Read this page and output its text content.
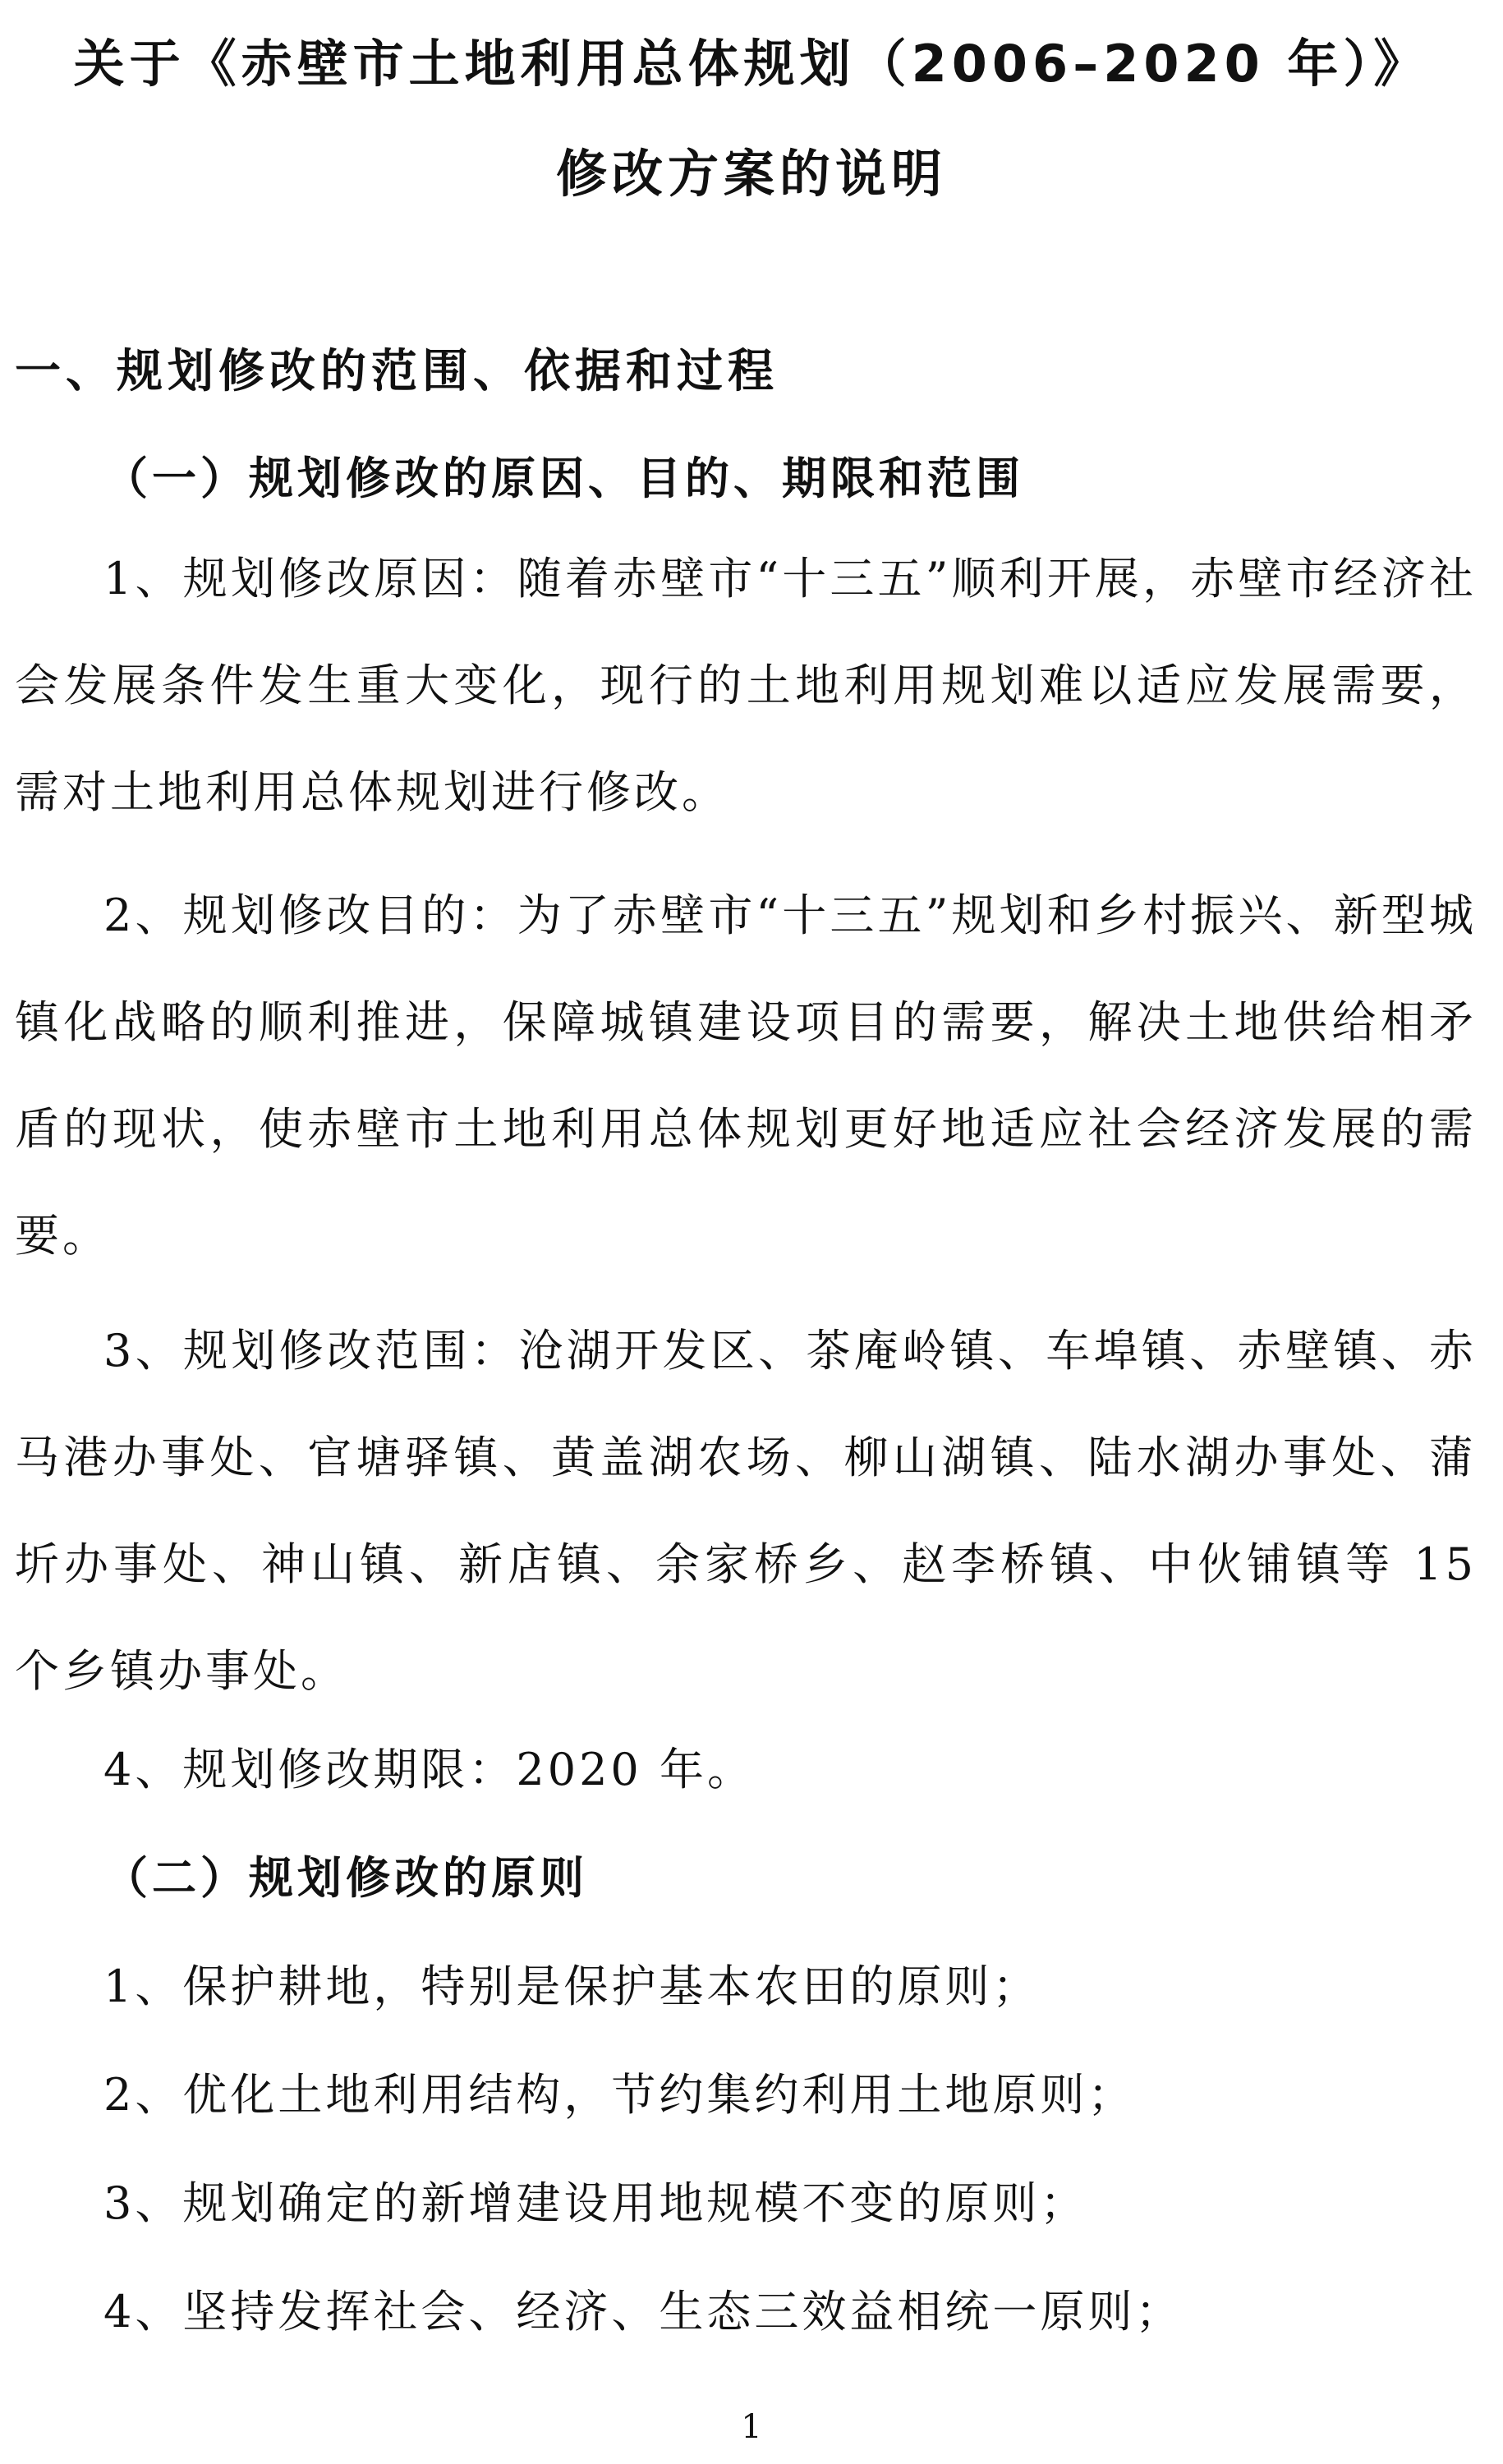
关于《赤壁市土地利用总体规划（2006–2020 年）》
修改方案的说明
一、规划修改的范围、依据和过程
（一）规划修改的原因、目的、期限和范围

1、规划修改原因：随着赤壁市“十三五”顺利开展，赤壁市经济社会发展条件发生重大变化，现行的土地利用规划难以适应发展需要，需对土地利用总体规划进行修改。

2、规划修改目的：为了赤壁市“十三五”规划和乡村振兴、新型城镇化战略的顺利推进，保障城镇建设项目的需要，解决土地供给相矛盾的现状，使赤壁市土地利用总体规划更好地适应社会经济发展的需要。

3、规划修改范围：沧湖开发区、茶庵岭镇、车埠镇、赤壁镇、赤马港办事处、官塘驿镇、黄盖湖农场、柳山湖镇、陆水湖办事处、蒲圻办事处、神山镇、新店镇、余家桥乡、赵李桥镇、中伙铺镇等 15 个乡镇办事处。

4、规划修改期限：2020 年。
（二）规划修改的原则
1、保护耕地，特别是保护基本农田的原则；
2、优化土地利用结构，节约集约利用土地原则；
3、规划确定的新增建设用地规模不变的原则；
4、坚持发挥社会、经济、生态三效益相统一原则；
1
